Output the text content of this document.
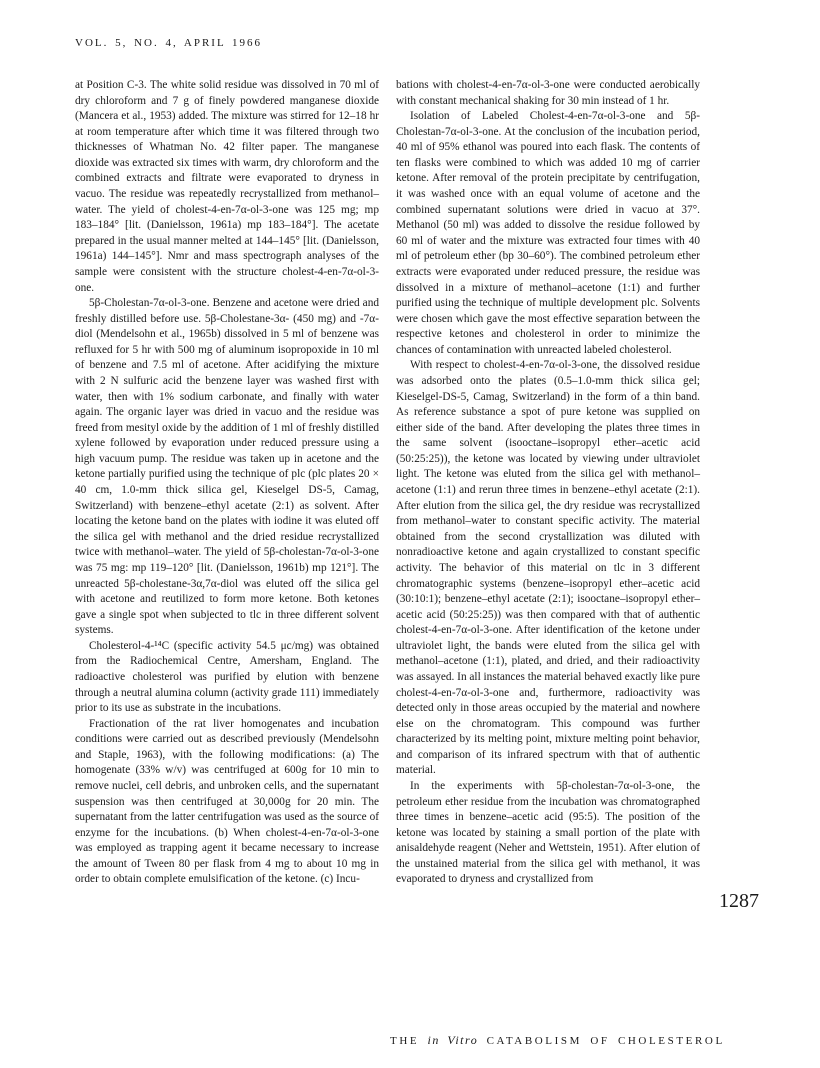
VOL. 5, NO. 4, APRIL 1966

at Position C-3. The white solid residue was dissolved in 70 ml of dry chloroform and 7 g of finely powdered manganese dioxide (Mancera et al., 1953) added. The mixture was stirred for 12–18 hr at room temperature after which time it was filtered through two thicknesses of Whatman No. 42 filter paper. The manganese dioxide was extracted six times with warm, dry chloroform and the combined extracts and filtrate were evaporated to dryness in vacuo. The residue was repeatedly recrystallized from methanol–water. The yield of cholest-4-en-7α-ol-3-one was 125 mg; mp 183–184° [lit. (Danielsson, 1961a) mp 183–184°]. The acetate prepared in the usual manner melted at 144–145° [lit. (Danielsson, 1961a) 144–145°]. Nmr and mass spectrograph analyses of the sample were consistent with the structure cholest-4-en-7α-ol-3-one.

5β-Cholestan-7α-ol-3-one. Benzene and acetone were dried and freshly distilled before use. 5β-Cholestane-3α- (450 mg) and -7α-diol (Mendelsohn et al., 1965b) dissolved in 5 ml of benzene was refluxed for 5 hr with 500 mg of aluminum isopropoxide in 10 ml of benzene and 7.5 ml of acetone. After acidifying the mixture with 2 N sulfuric acid the benzene layer was washed first with water, then with 1% sodium carbonate, and finally with water again. The organic layer was dried in vacuo and the residue was freed from mesityl oxide by the addition of 1 ml of freshly distilled xylene followed by evaporation under reduced pressure using a high vacuum pump. The residue was taken up in acetone and the ketone partially purified using the technique of plc (plc plates 20 × 40 cm, 1.0-mm thick silica gel, Kieselgel DS-5, Camag, Switzerland) with benzene–ethyl acetate (2:1) as solvent. After locating the ketone band on the plates with iodine it was eluted off the silica gel with methanol and the dried residue recrystallized twice with methanol–water. The yield of 5β-cholestan-7α-ol-3-one was 75 mg: mp 119–120° [lit. (Danielsson, 1961b) mp 121°]. The unreacted 5β-cholestane-3α,7α-diol was eluted off the silica gel with acetone and reutilized to form more ketone. Both ketones gave a single spot when subjected to tlc in three different solvent systems.

Cholesterol-4-¹⁴C (specific activity 54.5 μc/mg) was obtained from the Radiochemical Centre, Amersham, England. The radioactive cholesterol was purified by elution with benzene through a neutral alumina column (activity grade 111) immediately prior to its use as substrate in the incubations.

Fractionation of the rat liver homogenates and incubation conditions were carried out as described previously (Mendelsohn and Staple, 1963), with the following modifications: (a) The homogenate (33% w/v) was centrifuged at 600g for 10 min to remove nuclei, cell debris, and unbroken cells, and the supernatant suspension was then centrifuged at 30,000g for 20 min. The supernatant from the latter centrifugation was used as the source of enzyme for the incubations. (b) When cholest-4-en-7α-ol-3-one was employed as trapping agent it became necessary to increase the amount of Tween 80 per flask from 4 mg to about 10 mg in order to obtain complete emulsification of the ketone. (c) Incu-

bations with cholest-4-en-7α-ol-3-one were conducted aerobically with constant mechanical shaking for 30 min instead of 1 hr.

Isolation of Labeled Cholest-4-en-7α-ol-3-one and 5β-Cholestan-7α-ol-3-one. At the conclusion of the incubation period, 40 ml of 95% ethanol was poured into each flask. The contents of ten flasks were combined to which was added 10 mg of carrier ketone. After removal of the protein precipitate by centrifugation, it was washed once with an equal volume of acetone and the combined supernatant solutions were dried in vacuo at 37°. Methanol (50 ml) was added to dissolve the residue followed by 60 ml of water and the mixture was extracted four times with 40 ml of petroleum ether (bp 30–60°). The combined petroleum ether extracts were evaporated under reduced pressure, the residue was dissolved in a mixture of methanol–acetone (1:1) and further purified using the technique of multiple development plc. Solvents were chosen which gave the most effective separation between the respective ketones and cholesterol in order to minimize the chances of contamination with unreacted labeled cholesterol.

With respect to cholest-4-en-7α-ol-3-one, the dissolved residue was adsorbed onto the plates (0.5–1.0-mm thick silica gel; Kieselgel-DS-5, Camag, Switzerland) in the form of a thin band. As reference substance a spot of pure ketone was supplied on either side of the band. After developing the plates three times in the same solvent (isooctane–isopropyl ether–acetic acid (50:25:25)), the ketone was located by viewing under ultraviolet light. The ketone was eluted from the silica gel with methanol–acetone (1:1) and rerun three times in benzene–ethyl acetate (2:1). After elution from the silica gel, the dry residue was recrystallized from methanol–water to constant specific activity. The material obtained from the second crystallization was diluted with nonradioactive ketone and again crystallized to constant specific activity. The behavior of this material on tlc in 3 different chromatographic systems (benzene–isopropyl ether–acetic acid (30:10:1); benzene–ethyl acetate (2:1); isooctane–isopropyl ether–acetic acid (50:25:25)) was then compared with that of authentic cholest-4-en-7α-ol-3-one. After identification of the ketone under ultraviolet light, the bands were eluted from the silica gel with methanol–acetone (1:1), plated, and dried, and their radioactivity was assayed. In all instances the material behaved exactly like pure cholest-4-en-7α-ol-3-one and, furthermore, radioactivity was detected only in those areas occupied by the material and nowhere else on the chromatogram. This compound was further characterized by its melting point, mixture melting point behavior, and comparison of its infrared spectrum with that of authentic material.

In the experiments with 5β-cholestan-7α-ol-3-one, the petroleum ether residue from the incubation was chromatographed three times in benzene–acetic acid (95:5). The position of the ketone was located by staining a small portion of the plate with anisaldehyde reagent (Neher and Wettstein, 1951). After elution of the unstained material from the silica gel with methanol, it was evaporated to dryness and crystallized from

1287
THE in Vitro CATABOLISM OF CHOLESTEROL
